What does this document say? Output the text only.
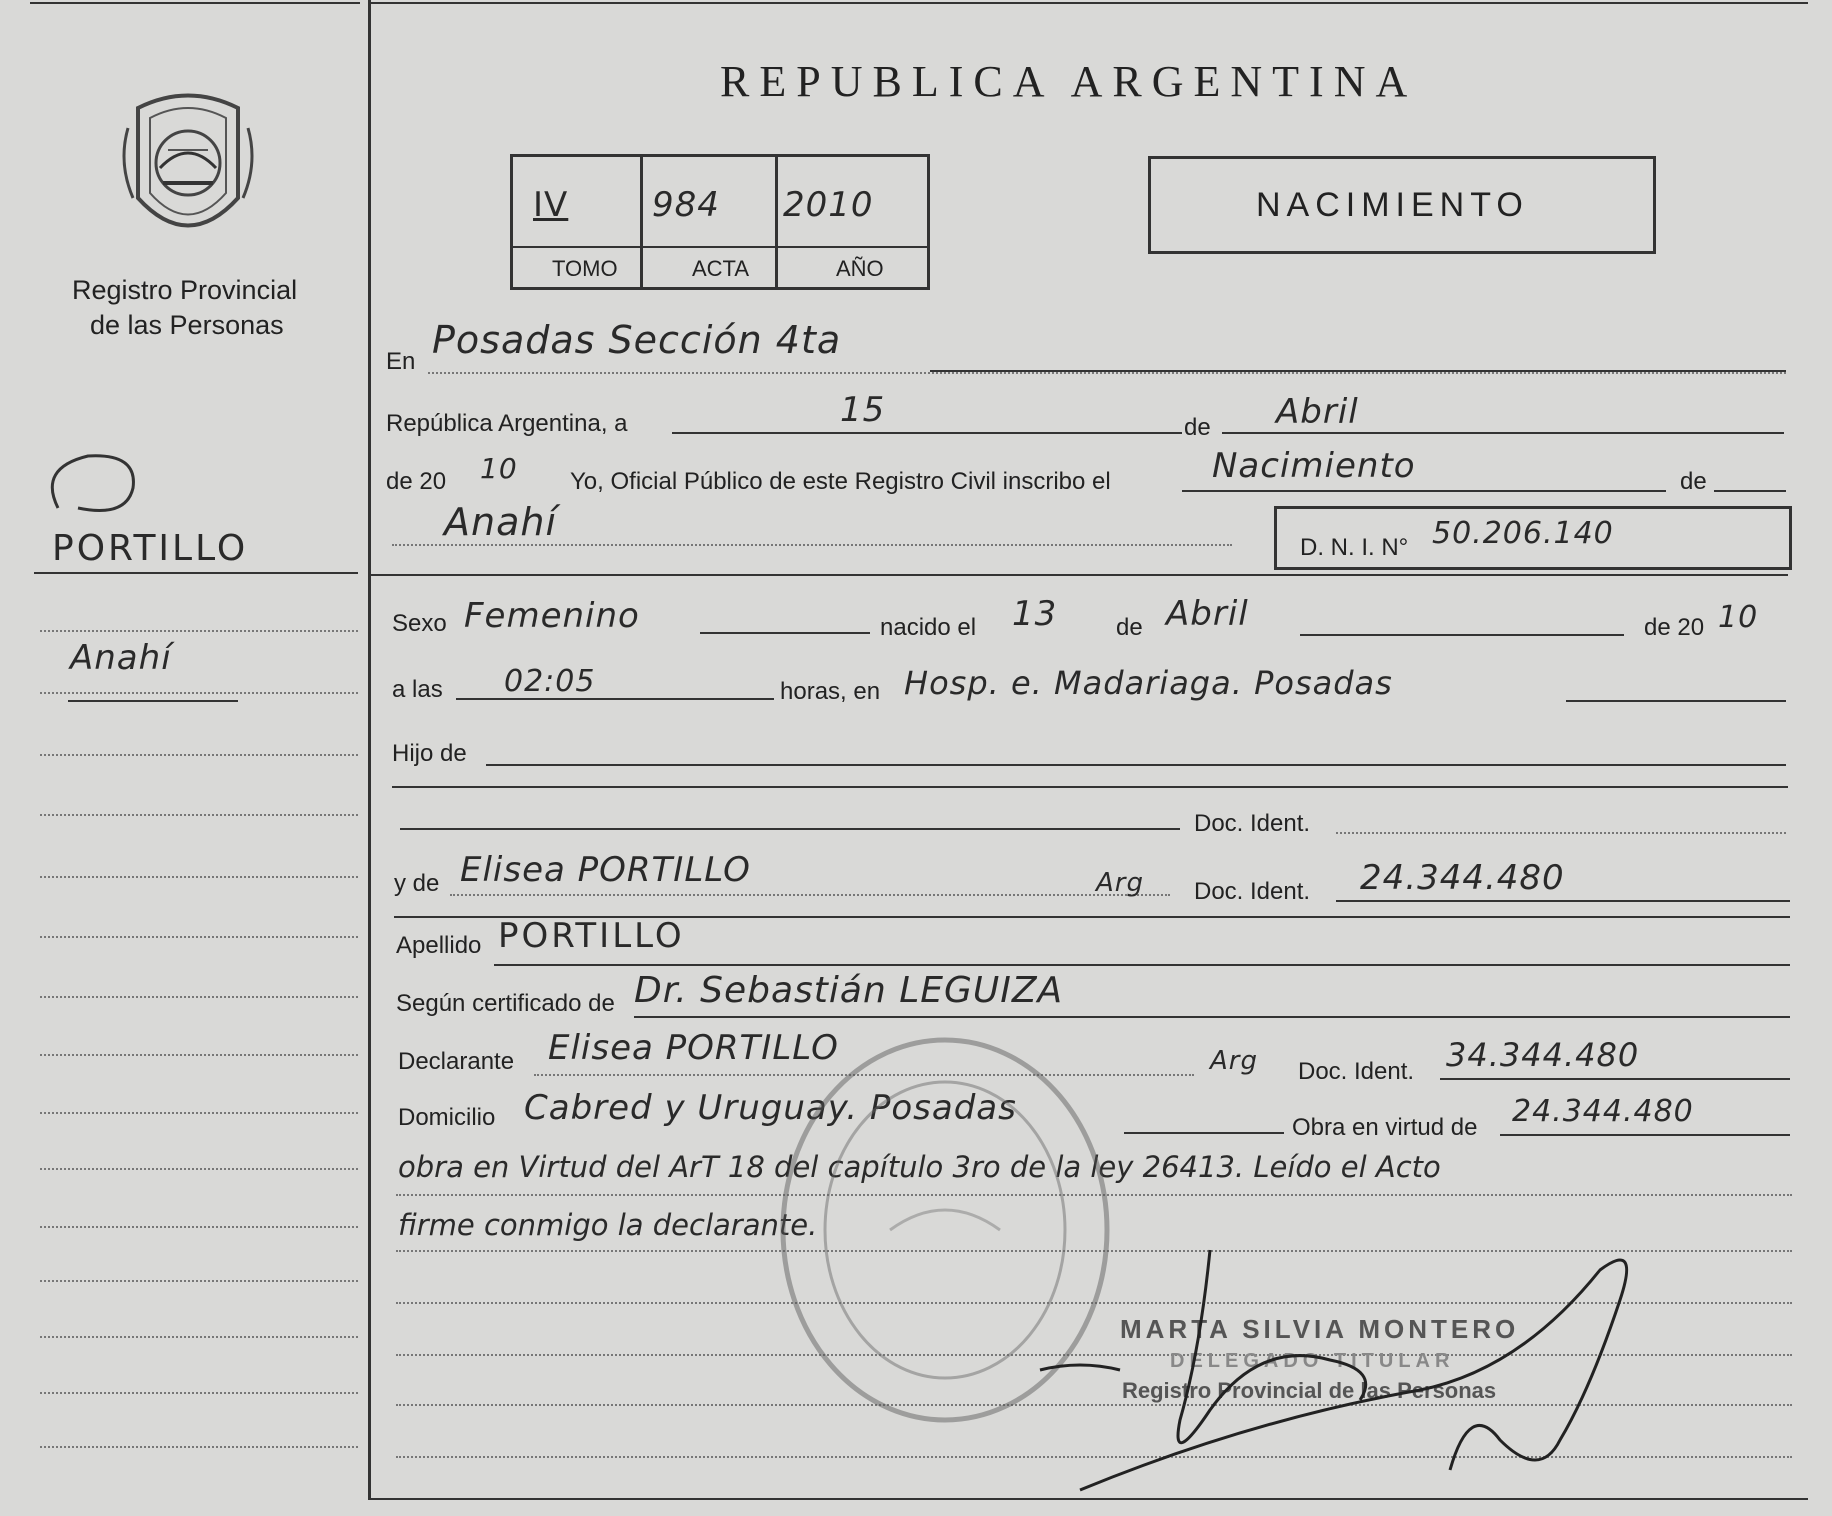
Registro Provincial
de las Personas
PORTILLO
Anahí
REPUBLICA ARGENTINA
IV 984 2010
TOMO	ACTA	AÑO
NACIMIENTO
En Posadas Sección 4ta
República Argentina, a	15	de Abril
de 20 10 Yo, Oficial Público de este Registro Civil inscribo el	Nacimiento	de
Anahí
D. N. I. N° 50.206.140
Sexo Femenino	nacido el 13 de Abril	de 20 10
a las 02:05	horas, en Hosp. e. Madariaga. Posadas
Hijo de
Doc. Ident.
y de Elisea PORTILLO	Arg Doc. Ident. 24.344.480
Apellido PORTILLO
Según certificado de Dr. Sebastián LEGUIZA
Declarante Elisea PORTILLO	Arg Doc. Ident. 34.344.480
Domicilio Cabred y Uruguay. Posadas	Obra en virtud de 24.344.480
obra en Virtud del ArT 18 del capítulo 3ro de la ley 26413. Leído el Acto
firme conmigo la declarante.
MARTA SILVIA MONTERO
DELEGADO TITULAR
Registro Provincial de las Personas
